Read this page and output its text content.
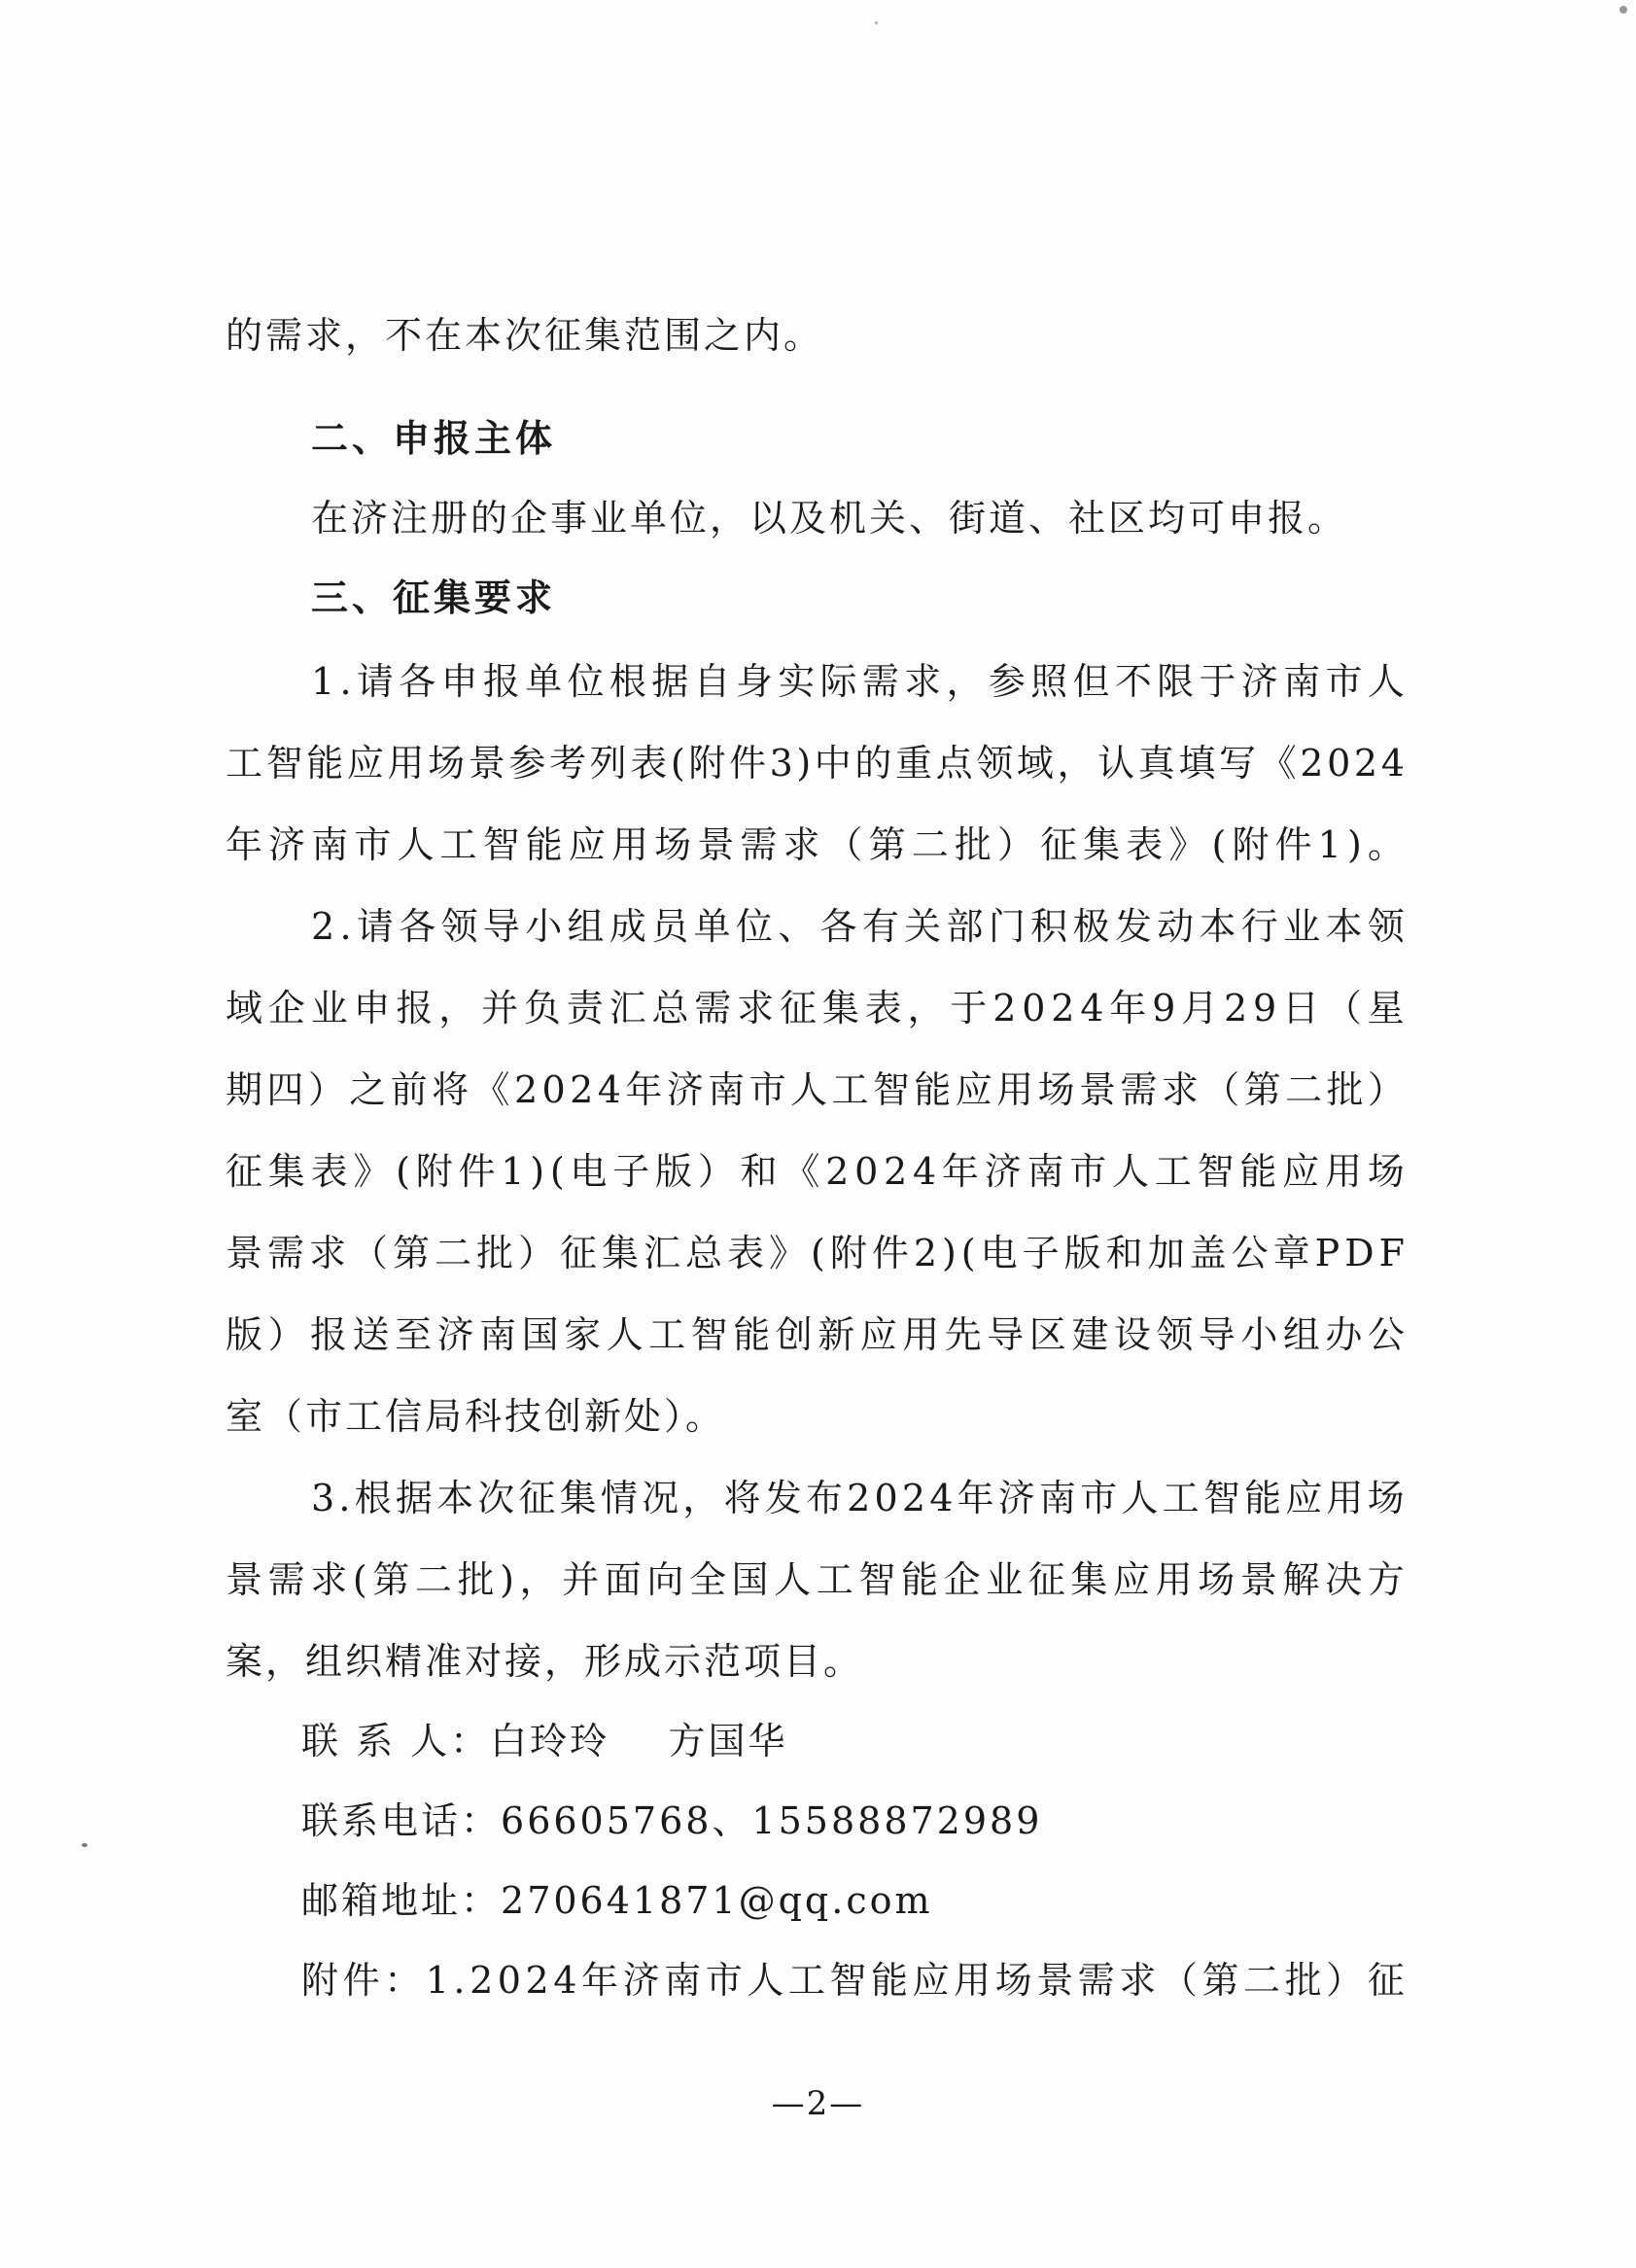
的需求，不在本次征集范围之内。
二、申报主体
在济注册的企事业单位，以及机关、街道、社区均可申报。
三、征集要求
1 . 请 各 申 报 单 位 根 据 自 身 实 际 需 求 ， 参 照 但 不 限 于 济 南 市 人
工 智 能 应 用 场 景 参 考 列 表 ( 附 件 3 ) 中 的 重 点 领 域 ， 认 真 填 写 《 2 0 2 4
年 济 南 市 人 工 智 能 应 用 场 景 需 求 （ 第 二 批 ） 征 集 表 》 ( 附 件 1 ) 。
2 . 请 各 领 导 小 组 成 员 单 位 、 各 有 关 部 门 积 极 发 动 本 行 业 本 领
域 企 业 申 报 ， 并 负 责 汇 总 需 求 征 集 表 ， 于 2 0 2 4 年 9 月 2 9 日 （ 星
期 四 ） 之 前 将 《 2 0 2 4 年 济 南 市 人 工 智 能 应 用 场 景 需 求 （ 第 二 批 ）
征 集 表 》 ( 附 件 1 ) ( 电 子 版 ） 和 《 2 0 2 4 年 济 南 市 人 工 智 能 应 用 场
景 需 求 （ 第 二 批 ） 征 集 汇 总 表 》 ( 附 件 2 ) ( 电 子 版 和 加 盖 公 章 P D F
版 ） 报 送 至 济 南 国 家 人 工 智 能 创 新 应 用 先 导 区 建 设 领 导 小 组 办 公
室（市工信局科技创新处）。
3 . 根 据 本 次 征 集 情 况 ， 将 发 布 2 0 2 4 年 济 南 市 人 工 智 能 应 用 场
景 需 求 ( 第 二 批 ) ， 并 面 向 全 国 人 工 智 能 企 业 征 集 应 用 场 景 解 决 方
案，组织精准对接，形成示范项目。
联 系 人：白玲玲    方国华
联系电话：66605768、15588872989
邮箱地址：270641871@qq.com
附 件 ： 1 . 2 0 2 4 年 济 南 市 人 工 智 能 应 用 场 景 需 求 （ 第 二 批 ） 征
—2—
